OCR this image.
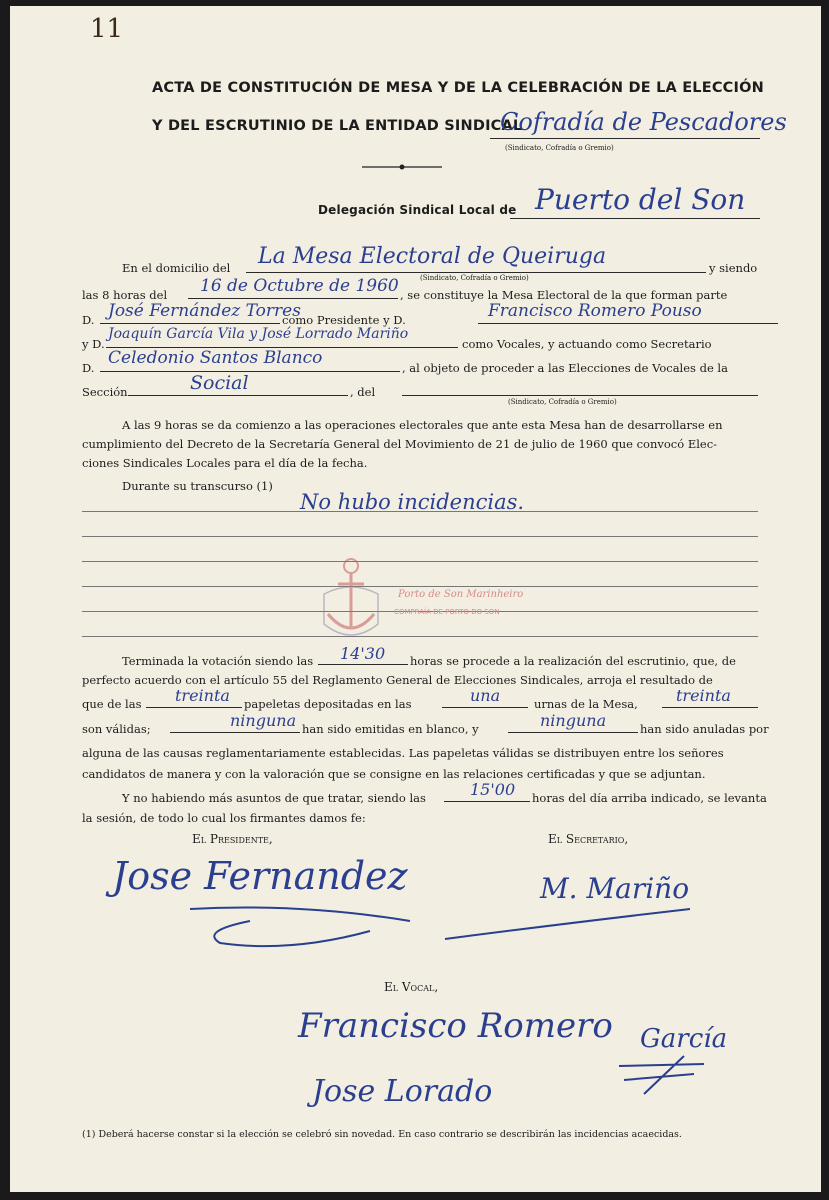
11
ACTA DE CONSTITUCIÓN DE MESA Y DE LA CELEBRACIÓN DE LA ELECCIÓN
Y DEL ESCRUTINIO DE LA ENTIDAD SINDICAL
Cofradía de Pescadores
(Sindicato, Cofradía o Gremio)
Delegación Sindical Local de Puerto del Son
En el domicilio del La Mesa Electoral de Queiruga	y siendo
(Sindicato, Cofradía o Gremio)
las 8 horas del 16 de Octubre de 1960 , se constituye la Mesa Electoral de la que forman parte
D. José Fernández Torres
como Presidente y D.	Francisco Romero Pouso
y D.
Joaquín García Vila y José Lorrado Mariño
como Vocales, y actuando como Secretario
D. Celedonio Santos Blanco	, al objeto de proceder a las Elecciones de Vocales de la
Sección	Social	, del
(Sindicato, Cofradía o Gremio)
A las 9 horas se da comienzo a las operaciones electorales que ante esta Mesa han de desarrollarse en
cumplimiento del Decreto de la Secretaría General del Movimiento de 21 de julio de 1960 que convocó Elec-
ciones Sindicales Locales para el día de la fecha.
Durante su transcurso (1)
No hubo incidencias.
Porto de Son Marinheiro
COMPRAÍA DE PORTO DO SON
Terminada la votación siendo las 14'30 horas se procede a la realización del escrutinio, que, de
perfecto acuerdo con el artículo 55 del Reglamento General de Elecciones Sindicales, arroja el resultado de
que de las treinta papeletas depositadas en las	una	urnas de la Mesa, treinta
son válidas;	ninguna han sido emitidas en blanco, y	ninguna	han sido anuladas por
alguna de las causas reglamentariamente establecidas. Las papeletas válidas se distribuyen entre los señores
candidatos de manera y con la valoración que se consigne en las relaciones certificadas y que se adjuntan.
Y no habiendo más asuntos de que tratar, siendo las	15'00 horas del día arriba indicado, se levanta
la sesión, de todo lo cual los firmantes damos fe:
El Presidente,	El Secretario,
El Vocal,
Jose Fernandez	M. Mariño
Francisco Romero
Jose Lorado
García
(1) Deberá hacerse constar si la elección se celebró sin novedad. En caso contrario se describirán las incidencias acaecidas.
